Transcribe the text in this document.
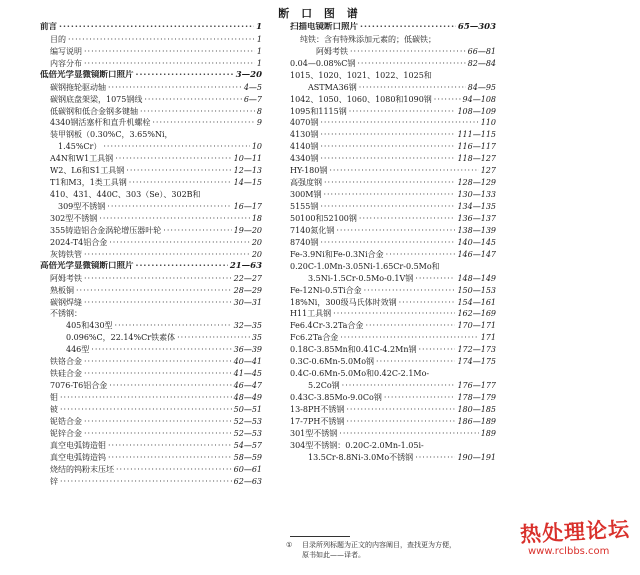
断 口 图 谱
前言 ·····	1
目的 ·····	1
编写说明 ·····	1
内容分布 ·····	1
低倍光学显微镜断口照片 ·····	3—20
碳钢拖轮驱动轴 ·····	4—5
碳钢底盘架梁，1075钢线 ·····	6—7
低碳钢和低合金钢多键轴 ·····	8
4340钢活塞杆和直升机螺栓 ·····	9
装甲钢板（0.30%C，3.65%Ni，
1.45%Cr） ·····	10
A4N和W1工具钢 ·····	10—11
W2、L6和S1工具钢 ·····	12—13
T1和M3，1类工具钢 ·····	14—15
410、431、440C、303（Se）、302B和
309型不锈钢 ·····	16—17
302型不锈钢 ·····	18
355铸造铝合金涡轮增压器叶轮 ·····	19—20
2024-T4铝合金 ·····	20
灰铸铁管 ·····	20
高倍光学显微镜断口照片 ·····	21—63
阿姆考铁 ·····	22—27
熟板铜 ·····	28—29
碳钢焊缝 ·····	30—31
不锈钢：
405和430型 ·····	32—35
0.096%C，22.14%Cr铁素体 ·····	35
446型 ·····	36—39
铁铬合金 ·····	40—41
铁硅合金 ·····	41—45
7076-T6铝合金 ·····	46—47
钼 ·····	48—49
铍 ·····	50—51
铌锆合金 ·····	52—53
铌锌合金 ·····	52—53
真空电弧铸造钼 ·····	54—57
真空电弧铸造钨 ·····	58—59
烧结的钨粉末压坯 ·····	60—61
锌 ·····	62—63
扫描电镜断口照片 ·····	65—303
纯铁：含有特殊添加元素的；低碳铁；
阿姆考铁 ·····	66—81
0.04—0.08%C钢 ·····	82—84
1015、1020、1021、1022、1025和
ASTMA36钢 ·····	84—95
1042、1050、1060、1080和1090钢 ·····	94—108
1095和1115钢 ·····	108—109
4070钢 ·····	110
4130钢 ·····	111—115
4140钢 ·····	116—117
4340钢 ·····	118—127
HY-180钢 ·····	127
高强度钢 ·····	128—129
300M钢 ·····	130—133
5155钢 ·····	134—135
50100和52100钢 ·····	136—137
7140氮化钢 ·····	138—139
8740钢 ·····	140—145
Fe-3.9Ni和Fe-0.3Ni合金 ·····	146—147
0.20C-1.0Mn-3.05Ni-1.65Cr-0.5Mo和
3.5Ni-1.5Cr-0.5Mo-0.1V钢 ·····	148—149
Fe-12Ni-0.5Ti合金 ·····	150—153
18%Ni，300级马氏体时效钢 ·····	154—161
H11工具钢 ·····	162—169
Fe6.4Cr-3.2Ta合金 ·····	170—171
Fc6.2Ta合金 ·····	171
0.18C-3.85Mn和0.41C-4.2Mn钢 ·····	172—173
0.3C-0.6Mn-5.0Mo钢 ·····	174—175
0.4C-0.6Mn-5.0Mo和0.42C-2.1Mo-
5.2Co钢 ·····	176—177
0.43C-3.85Mo-9.0Co钢 ·····	178—179
13-8PH不锈钢 ·····	180—185
17-7PH不锈钢 ·····	186—189
301型不锈钢 ·····	189
304型不锈钢：0.20C-2.0Mn-1.05i-
13.5Cr-8.8Ni-3.0Mo不锈钢 ·····	190—191
① 目录所列标题为正文的内容阐目，查找更为方便，
原书如此——译者。
热处理论坛
www.rclbbs.com
